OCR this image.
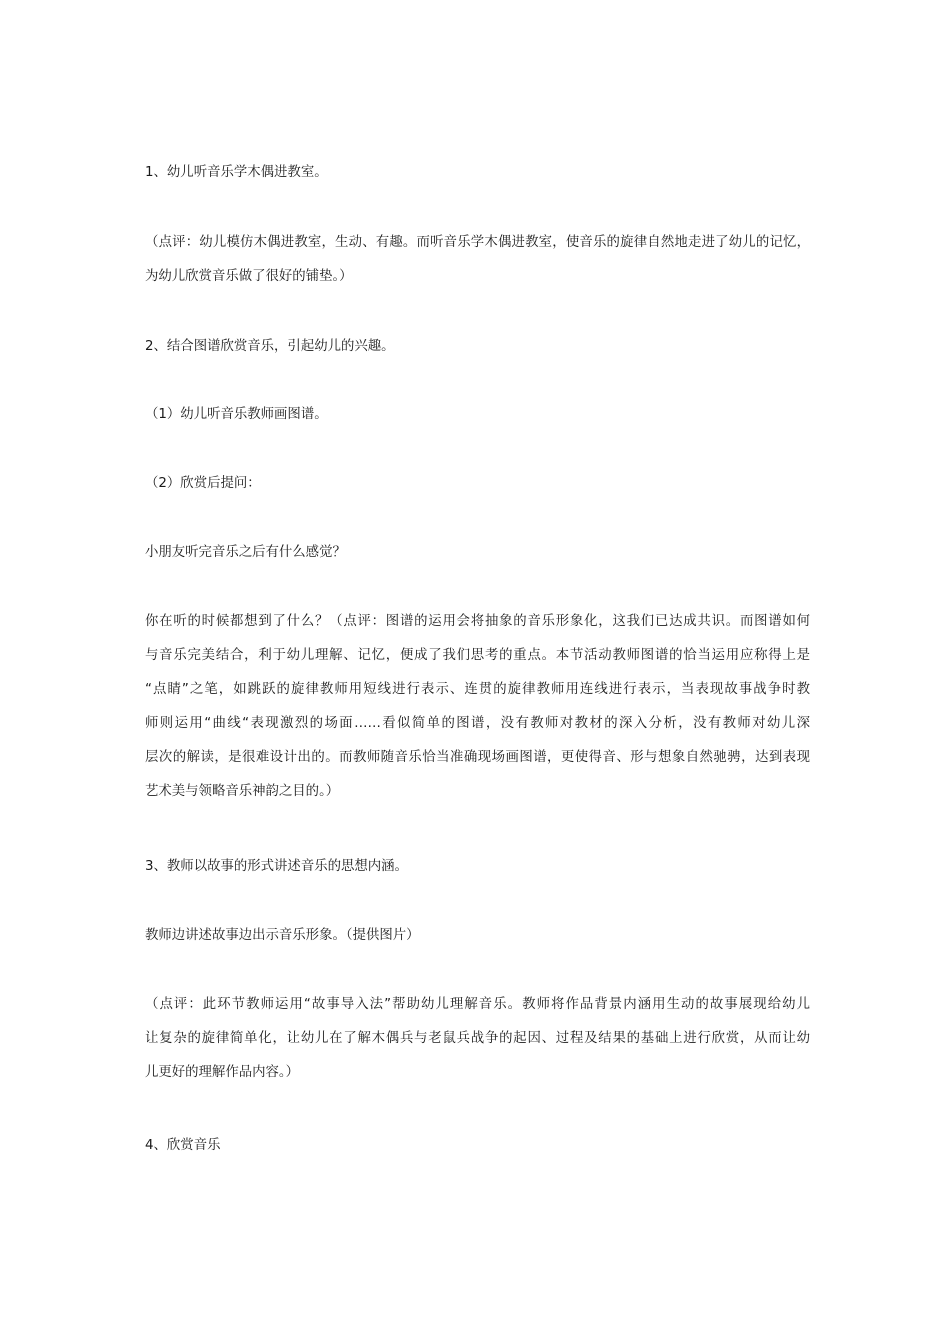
1、幼儿听音乐学木偶进教室。

（点评：幼儿模仿木偶进教室，生动、有趣。而听音乐学木偶进教室，使音乐的旋律自然地走进了幼儿的记忆，
为幼儿欣赏音乐做了很好的铺垫。）

2、结合图谱欣赏音乐，引起幼儿的兴趣。

（1）幼儿听音乐教师画图谱。

（2）欣赏后提问：

小朋友听完音乐之后有什么感觉？

你在听的时候都想到了什么？（点评：图谱的运用会将抽象的音乐形象化，这我们已达成共识。而图谱如何
与音乐完美结合，利于幼儿理解、记忆，便成了我们思考的重点。本节活动教师图谱的恰当运用应称得上是
“点睛”之笔，如跳跃的旋律教师用短线进行表示、连贯的旋律教师用连线进行表示，当表现故事战争时教
师则运用“曲线“表现激烈的场面……看似简单的图谱，没有教师对教材的深入分析，没有教师对幼儿深
层次的解读，是很难设计出的。而教师随音乐恰当准确现场画图谱，更使得音、形与想象自然驰骋，达到表现
艺术美与领略音乐神韵之目的。）

3、教师以故事的形式讲述音乐的思想内涵。

教师边讲述故事边出示音乐形象。（提供图片）

（点评：此环节教师运用“故事导入法”帮助幼儿理解音乐。教师将作品背景内涵用生动的故事展现给幼儿
让复杂的旋律简单化，让幼儿在了解木偶兵与老鼠兵战争的起因、过程及结果的基础上进行欣赏，从而让幼
儿更好的理解作品内容。）

4、欣赏音乐
